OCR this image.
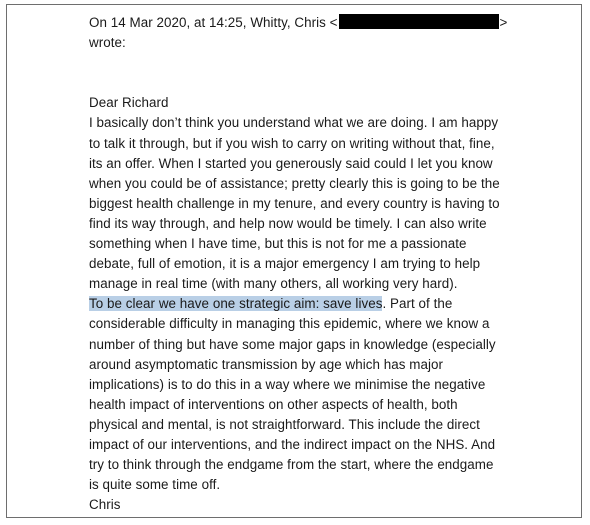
On 14 Mar 2020, at 14:25, Whitty, Chris <	>
wrote:
Dear Richard
I basically don’t think you understand what we are doing. I am happy
to talk it through, but if you wish to carry on writing without that, fine,
its an offer. When I started you generously said could I let you know
when you could be of assistance; pretty clearly this is going to be the
biggest health challenge in my tenure, and every country is having to
find its way through, and help now would be timely. I can also write
something when I have time, but this is not for me a passionate
debate, full of emotion, it is a major emergency I am trying to help
manage in real time (with many others, all working very hard).
To be clear we have one strategic aim: save lives. Part of the
considerable difficulty in managing this epidemic, where we know a
number of thing but have some major gaps in knowledge (especially
around asymptomatic transmission by age which has major
implications) is to do this in a way where we minimise the negative
health impact of interventions on other aspects of health, both
physical and mental, is not straightforward. This include the direct
impact of our interventions, and the indirect impact on the NHS. And
try to think through the endgame from the start, where the endgame
is quite some time off.
Chris
